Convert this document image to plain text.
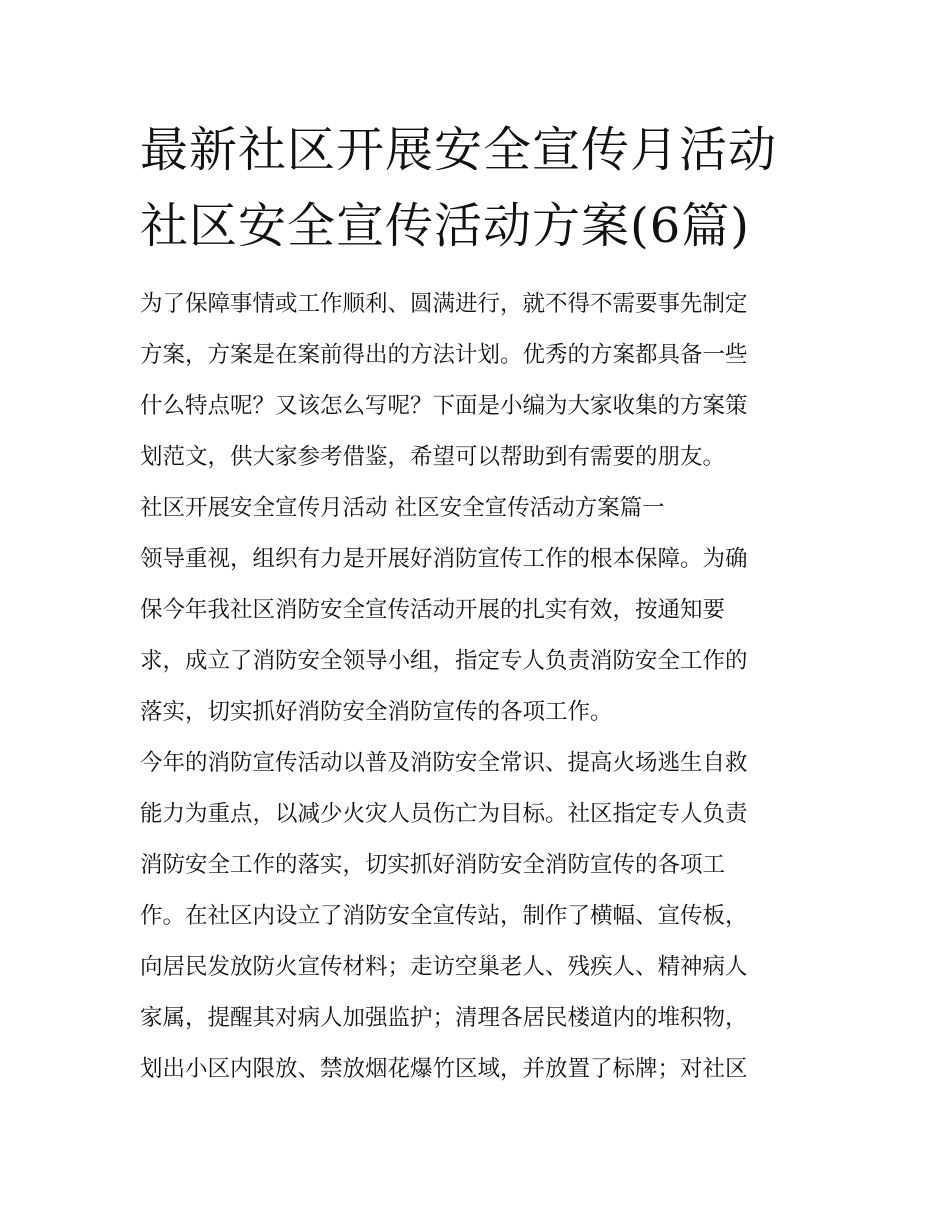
最新社区开展安全宣传月活动
社区安全宣传活动方案(6篇)
为了保障事情或工作顺利、圆满进行，就不得不需要事先制定
方案，方案是在案前得出的方法计划。优秀的方案都具备一些
什么特点呢？又该怎么写呢？下面是小编为大家收集的方案策
划范文，供大家参考借鉴，希望可以帮助到有需要的朋友。
社区开展安全宣传月活动 社区安全宣传活动方案篇一
领导重视，组织有力是开展好消防宣传工作的根本保障。为确
保今年我社区消防安全宣传活动开展的扎实有效，按通知要
求，成立了消防安全领导小组，指定专人负责消防安全工作的
落实，切实抓好消防安全消防宣传的各项工作。
今年的消防宣传活动以普及消防安全常识、提高火场逃生自救
能力为重点，以减少火灾人员伤亡为目标。社区指定专人负责
消防安全工作的落实，切实抓好消防安全消防宣传的各项工
作。在社区内设立了消防安全宣传站，制作了横幅、宣传板，
向居民发放防火宣传材料；走访空巢老人、残疾人、精神病人
家属，提醒其对病人加强监护；清理各居民楼道内的堆积物，
划出小区内限放、禁放烟花爆竹区域，并放置了标牌；对社区
